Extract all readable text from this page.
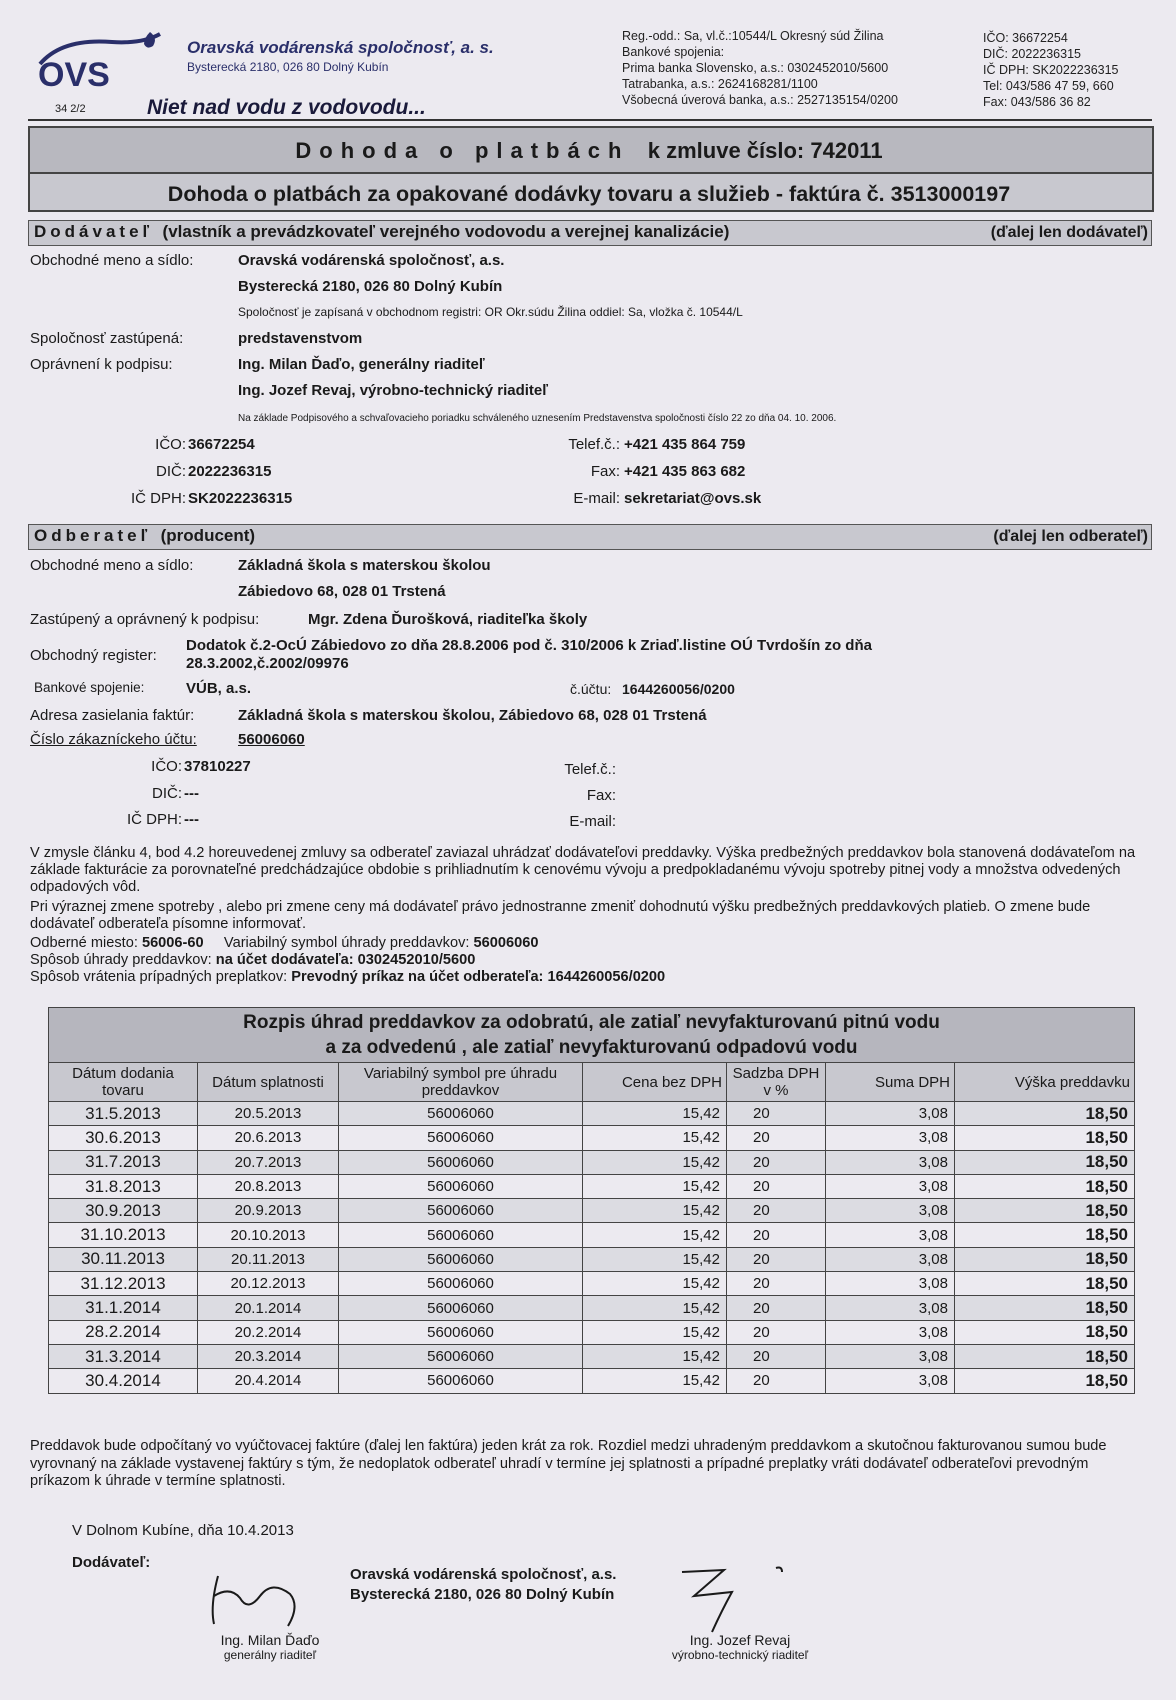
OVS
Oravská vodárenská spoločnosť, a. s.
Bysterecká 2180, 026 80 Dolný Kubín
34 2/2	Niet nad vodu z vodovodu...
Reg.-odd.: Sa, vl.č.:10544/L Okresný súd Žilina
Bankové spojenia:
Prima banka Slovensko, a.s.: 0302452010/5600
Tatrabanka, a.s.: 2624168281/1100
Všobecná úverová banka, a.s.: 2527135154/0200
IČO: 36672254
DIČ: 2022236315
IČ DPH: SK2022236315
Tel: 043/586 47 59, 660
Fax: 043/586 36 82
Dohoda o platbách k zmluve číslo: 742011
Dohoda o platbách za opakované dodávky tovaru a služieb - faktúra č. 3513000197
Dodávateľ (vlastník a prevádzkovateľ verejného vodovodu a verejnej kanalizácie)	(ďalej len dodávateľ)
Obchodné meno a sídlo:	Oravská vodárenská spoločnosť, a.s.
Bysterecká 2180, 026 80 Dolný Kubín
Spoločnosť je zapísaná v obchodnom registri: OR Okr.súdu Žilina oddiel: Sa, vložka č. 10544/L
Spoločnosť zastúpená:	predstavenstvom
Oprávnení k podpisu:	Ing. Milan Ďaďo, generálny riaditeľ
Ing. Jozef Revaj, výrobno-technický riaditeľ
Na základe Podpisového a schvaľovacieho poriadku schváleného uznesením Predstavenstva spoločnosti číslo 22 zo dňa 04. 10. 2006.
IČO: 36672254
DIČ: 2022236315
IČ DPH: SK2022236315
Telef.č.: +421 435 864 759
Fax: +421 435 863 682
E-mail: sekretariat@ovs.sk
Odberateľ (producent)	(ďalej len odberateľ)
Obchodné meno a sídlo:	Základná škola s materskou školou
Zábiedovo 68, 028 01 Trstená
Zastúpený a oprávnený k podpisu:	Mgr. Zdena Ďurošková, riaditeľka školy
Obchodný register:
Dodatok č.2-OcÚ Zábiedovo zo dňa 28.8.2006 pod č. 310/2006 k Zriaď.listine OÚ Tvrdošín zo dňa
28.3.2002,č.2002/09976
Bankové spojenie:	VÚB, a.s.	č.účtu: 1644260056/0200
Adresa zasielania faktúr:	Základná škola s materskou školou, Zábiedovo 68, 028 01 Trstená
Číslo zákazníckeho účtu:	56006060
IČO: 37810227
DIČ: ---
IČ DPH: ---
Telef.č.:
Fax:
E-mail:
V zmysle článku 4, bod 4.2 horeuvedenej zmluvy sa odberateľ zaviazal uhrádzať dodávateľovi preddavky. Výška predbežných preddavkov bola stanovená dodávateľom na základe fakturácie za porovnateľné predchádzajúce obdobie s prihliadnutím k cenovému vývoju a predpokladanému vývoju spotreby pitnej vody a množstva odvedených odpadových vôd.
Pri výraznej zmene spotreby , alebo pri zmene ceny má dodávateľ právo jednostranne zmeniť dohodnutú výšku predbežných preddavkových platieb. O zmene bude dodávateľ odberateľa písomne informovať.
Odberné miesto: 56006-60 Variabilný symbol úhrady preddavkov: 56006060
Spôsob úhrady preddavkov: na účet dodávateľa: 0302452010/5600
Spôsob vrátenia prípadných preplatkov: Prevodný príkaz na účet odberateľa: 1644260056/0200
Rozpis úhrad preddavkov za odobratú, ale zatiaľ nevyfakturovanú pitnú vodu
a za odvedenú , ale zatiaľ nevyfakturovanú odpadovú vodu						

Dátum dodania tovaru	Dátum splatnosti	Variabilný symbol pre úhradu preddavkov	Cena bez DPH	Sadzba DPH v %	Suma DPH	Výška preddavku
31.5.2013	20.5.2013	56006060	15,42	20	3,08	18,50
30.6.2013	20.6.2013	56006060	15,42	20	3,08	18,50
31.7.2013	20.7.2013	56006060	15,42	20	3,08	18,50
31.8.2013	20.8.2013	56006060	15,42	20	3,08	18,50
30.9.2013	20.9.2013	56006060	15,42	20	3,08	18,50
31.10.2013	20.10.2013	56006060	15,42	20	3,08	18,50
30.11.2013	20.11.2013	56006060	15,42	20	3,08	18,50
31.12.2013	20.12.2013	56006060	15,42	20	3,08	18,50
31.1.2014	20.1.2014	56006060	15,42	20	3,08	18,50
28.2.2014	20.2.2014	56006060	15,42	20	3,08	18,50
31.3.2014	20.3.2014	56006060	15,42	20	3,08	18,50
30.4.2014	20.4.2014	56006060	15,42	20	3,08	18,50
Preddavok bude odpočítaný vo vyúčtovacej faktúre (ďalej len faktúra) jeden krát za rok. Rozdiel medzi uhradeným preddavkom a skutočnou fakturovanou sumou bude vyrovnaný na základe vystavenej faktúry s tým, že nedoplatok odberateľ uhradí v termíne jej splatnosti a prípadné preplatky vráti dodávateľ odberateľovi prevodným príkazom k úhrade v termíne splatnosti.
V Dolnom Kubíne, dňa 10.4.2013
Dodávateľ:
Oravská vodárenská spoločnosť, a.s.
Bysterecká 2180, 026 80 Dolný Kubín
Ing. Milan Ďaďo
generálny riaditeľ
Ing. Jozef Revaj
výrobno-technický riaditeľ
